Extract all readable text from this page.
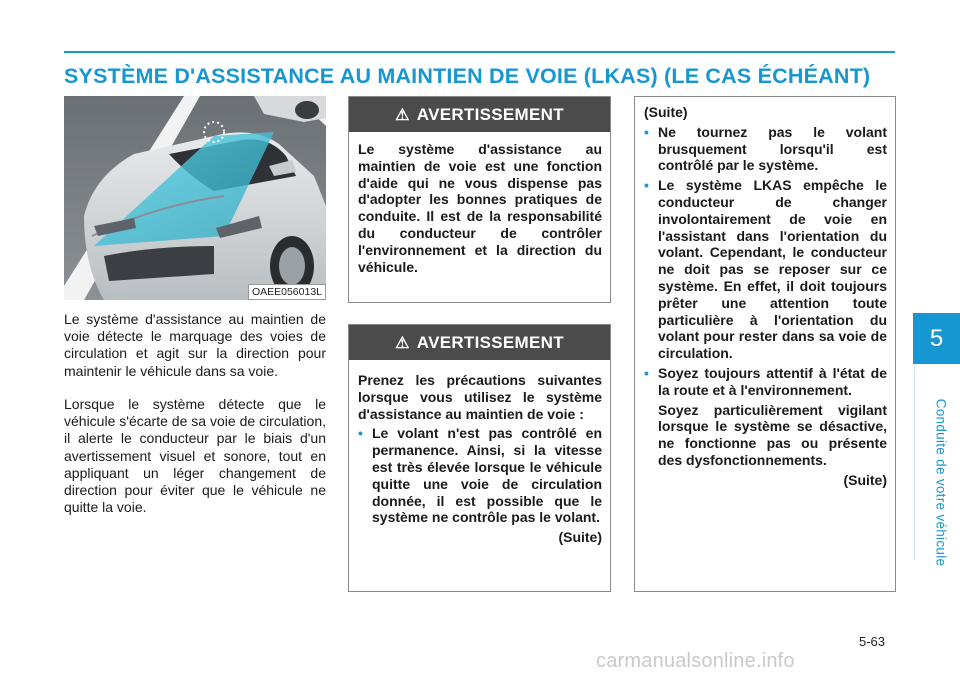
SYSTÈME D'ASSISTANCE AU MAINTIEN DE VOIE (LKAS) (LE CAS ÉCHÉANT)
5
Conduite de votre véhicule
OAEE056013L

Le système d'assistance au maintien de voie détecte le marquage des voies de circulation et agit sur la direction pour maintenir le véhicule dans sa voie.

Lorsque le système détecte que le véhicule s'écarte de sa voie de circulation, il alerte le conducteur par le biais d'un avertissement visuel et sonore, tout en appliquant un léger changement de direction pour éviter que le véhicule ne quitte la voie.

⚠ AVERTISSEMENT

Le système d'assistance au maintien de voie est une fonction d'aide qui ne vous dispense pas d'adopter les bonnes pratiques de conduite. Il est de la responsabilité du conducteur de contrôler l'environnement et la direction du véhicule.

⚠ AVERTISSEMENT

Prenez les précautions suivantes lorsque vous utilisez le système d'assistance au maintien de voie :

• Le volant n'est pas contrôlé en permanence. Ainsi, si la vitesse est très élevée lorsque le véhicule quitte une voie de circulation donnée, il est possible que le système ne contrôle pas le volant.
(Suite)

(Suite)

• Ne tournez pas le volant brusquement lorsqu'il est contrôlé par le système.
• Le système LKAS empêche le conducteur de changer involontairement de voie en l'assistant dans l'orientation du volant. Cependant, le conducteur ne doit pas se reposer sur ce système. En effet, il doit toujours prêter une attention toute particulière à l'orientation du volant pour rester dans sa voie de circulation.
• Soyez toujours attentif à l'état de la route et à l'environnement.
Soyez particulièrement vigilant lorsque le système se désactive, ne fonctionne pas ou présente des dysfonctionnements.
(Suite)
5-63
carmanualsonline.info
